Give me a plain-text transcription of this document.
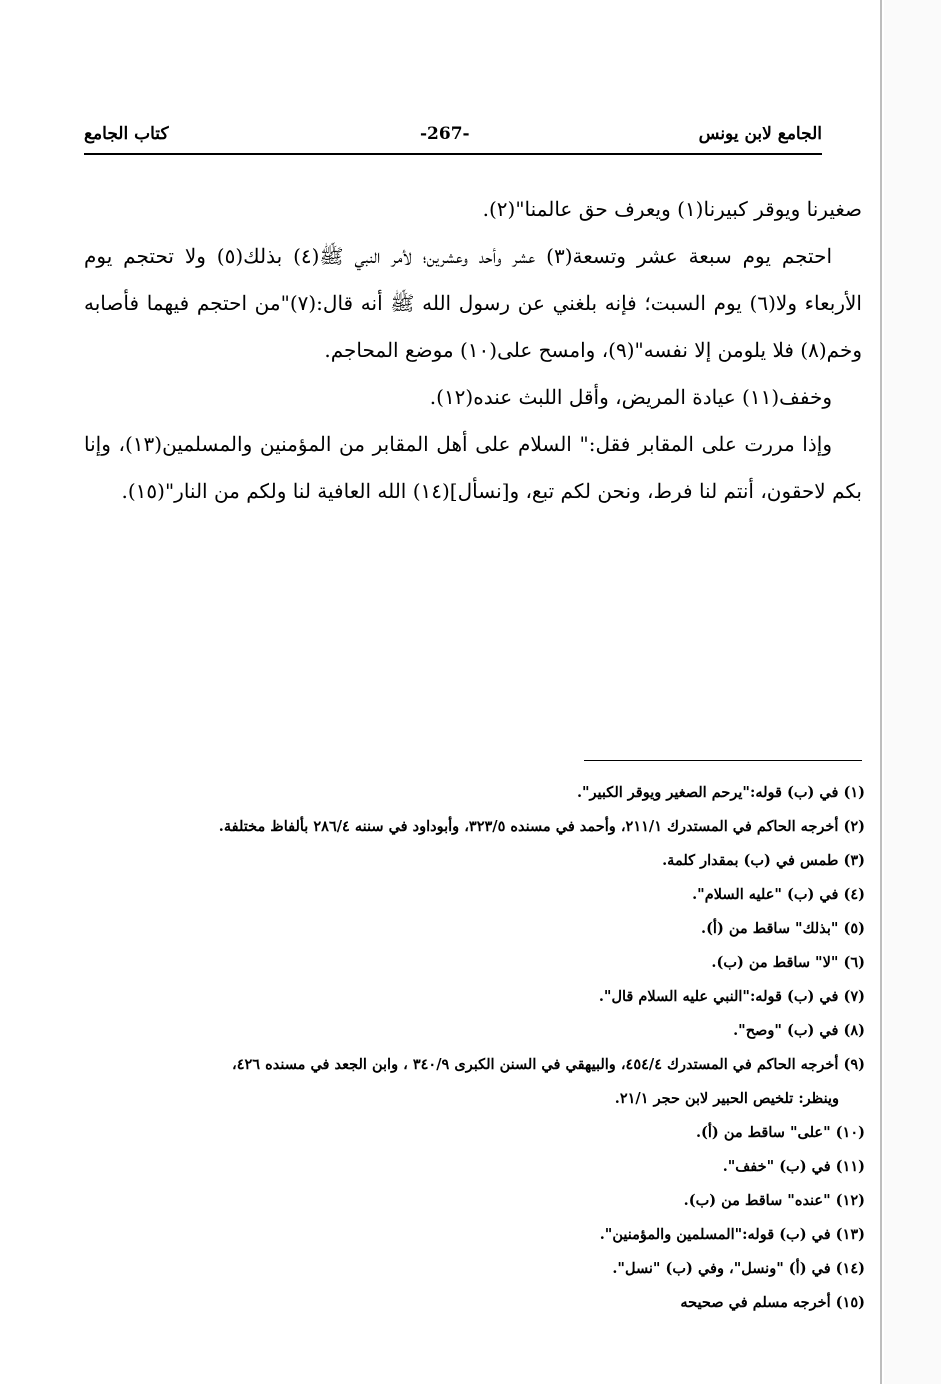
الجامع لابن يونس
-267-
كتاب الجامع

صغيرنا ويوقر كبيرنا(١) ويعرف حق عالمنا"(٢).

احتجم يوم سبعة عشر وتسعة(٣) عشر وأحد وعشرين؛ لأمر النبي ﷺ(٤) بذلك(٥) ولا تحتجم يوم الأربعاء ولا(٦) يوم السبت؛ فإنه بلغني عن رسول الله ﷺ أنه قال:(٧)"من احتجم فيهما فأصابه وخم(٨) فلا يلومن إلا نفسه"(٩)، وامسح على(١٠) موضع المحاجم.

وخفف(١١) عيادة المريض، وأقل اللبث عنده(١٢).

وإذا مررت على المقابر فقل:" السلام على أهل المقابر من المؤمنين والمسلمين(١٣)، وإنا بكم لاحقون، أنتم لنا فرط، ونحن لكم تبع، و[نسأل](١٤) الله العافية لنا ولكم من النار"(١٥).

(١) في (ب) قوله:"يرحم الصغير ويوقر الكبير".
(٢) أخرجه الحاكم في المستدرك ٢١١/١، وأحمد في مسنده ٣٢٣/٥، وأبوداود في سننه ٢٨٦/٤ بألفاظ مختلفة.
(٣) طمس في (ب) بمقدار كلمة.
(٤) في (ب) "عليه السلام".
(٥) "بذلك" ساقط من (أ).
(٦) "لا" ساقط من (ب).
(٧) في (ب) قوله:"النبي عليه السلام قال".
(٨) في (ب) "وصح".
(٩) أخرجه الحاكم في المستدرك ٤٥٤/٤، والبيهقي في السنن الكبرى ٣٤٠/٩ ، وابن الجعد في مسنده ٤٢٦،
وينظر: تلخيص الحبير لابن حجر ٢١/١.
(١٠) "على" ساقط من (أ).
(١١) في (ب) "خفف".
(١٢) "عنده" ساقط من (ب).
(١٣) في (ب) قوله:"المسلمين والمؤمنين".
(١٤) في (أ) "ونسل"، وفي (ب) "نسل".
(١٥) أخرجه مسلم في صحيحه
